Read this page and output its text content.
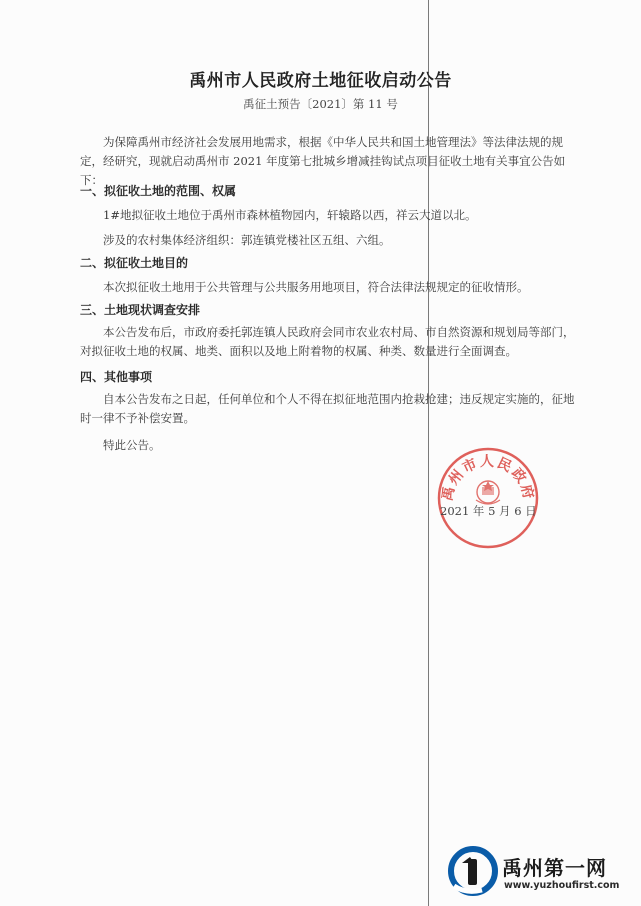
禹州市人民政府土地征收启动公告
禹征土预告〔2021〕第 11 号
为保障禹州市经济社会发展用地需求，根据《中华人民共和国土地管理法》等法律法规的规定，经研究，现就启动禹州市 2021 年度第七批城乡增减挂钩试点项目征收土地有关事宜公告如下：
一、拟征收土地的范围、权属
1#地拟征收土地位于禹州市森林植物园内，轩辕路以西，祥云大道以北。
涉及的农村集体经济组织：郭连镇党楼社区五组、六组。
二、拟征收土地目的
本次拟征收土地用于公共管理与公共服务用地项目，符合法律法规规定的征收情形。
三、土地现状调查安排
本公告发布后，市政府委托郭连镇人民政府会同市农业农村局、市自然资源和规划局等部门，对拟征收土地的权属、地类、面积以及地上附着物的权属、种类、数量进行全面调查。
四、其他事项
自本公告发布之日起，任何单位和个人不得在拟征地范围内抢栽抢建；违反规定实施的，征地时一律不予补偿安置。
特此公告。
禹州市人民政府
2021 年 5 月 6 日
禹州第一网
www.yuzhoufirst.com
